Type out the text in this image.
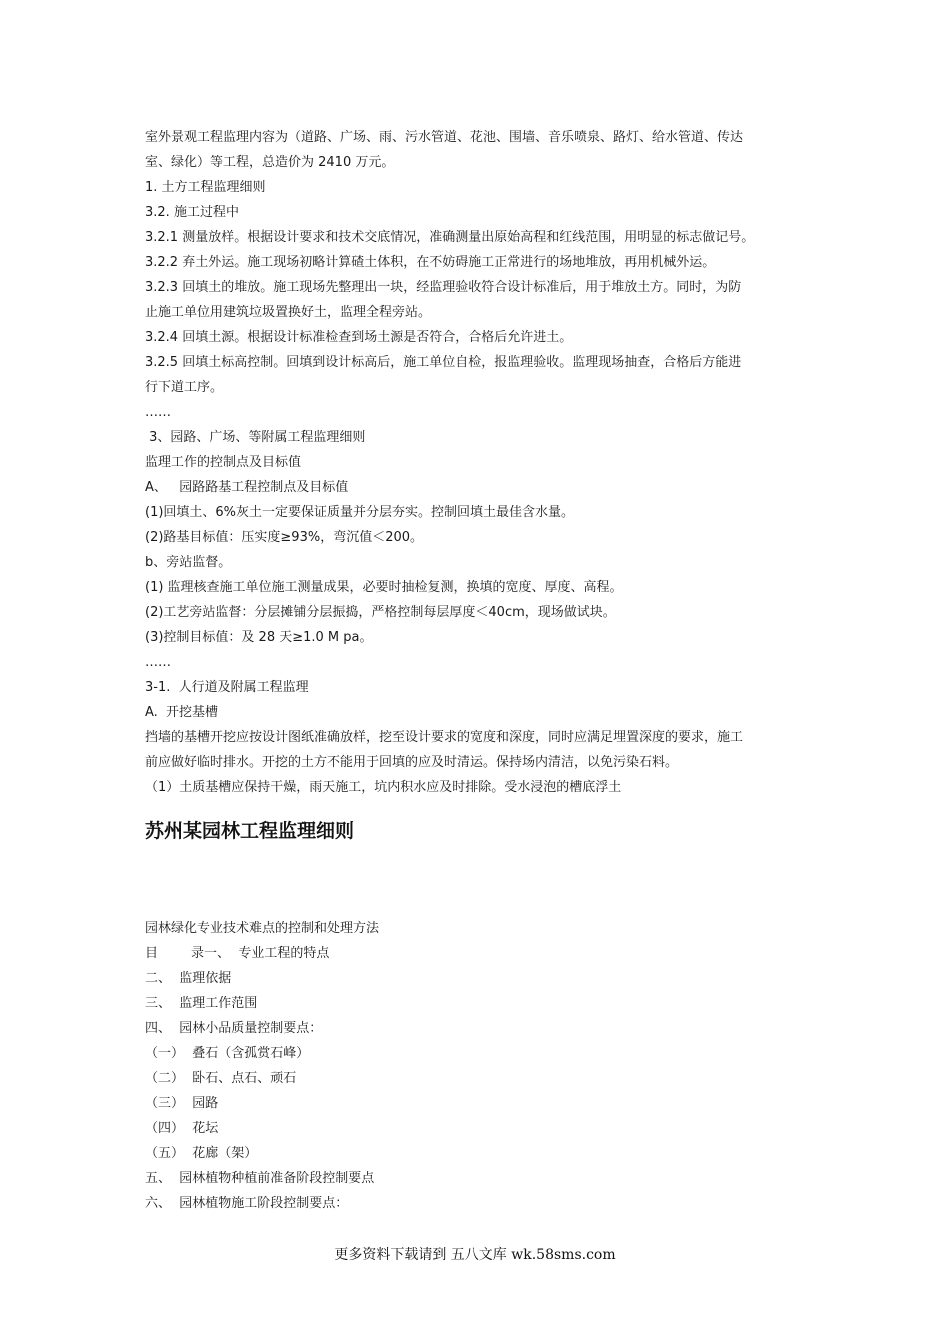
室外景观工程监理内容为（道路、广场、雨、污水管道、花池、围墙、音乐喷泉、路灯、给水管道、传达

室、绿化）等工程，总造价为 2410 万元。

1. 土方工程监理细则

3.2. 施工过程中

3.2.1 测量放样。根据设计要求和技术交底情况，准确测量出原始高程和红线范围，用明显的标志做记号。

3.2.2 弃土外运。施工现场初略计算碴土体积，在不妨碍施工正常进行的场地堆放，再用机械外运。

3.2.3 回填土的堆放。施工现场先整理出一块，经监理验收符合设计标准后，用于堆放土方。同时，为防

止施工单位用建筑垃圾置换好土，监理全程旁站。

3.2.4 回填土源。根据设计标准检查到场土源是否符合，合格后允许进土。

3.2.5 回填土标高控制。回填到设计标高后，施工单位自检，报监理验收。监理现场抽查，合格后方能进

行下道工序。

……

3、园路、广场、等附属工程监理细则

监理工作的控制点及目标值

A、   园路路基工程控制点及目标值

(1)回填土、6%灰土一定要保证质量并分层夯实。控制回填土最佳含水量。

(2)路基目标值：压实度≥93%，弯沉值＜200。

b、旁站监督。

(1) 监理核查施工单位施工测量成果，必要时抽检复测，换填的宽度、厚度、高程。

(2)工艺旁站监督：分层摊铺分层振捣，严格控制每层厚度＜40cm，现场做试块。

(3)控制目标值：及 28 天≥1.0 M pa。

……

3-1.  人行道及附属工程监理

A.  开挖基槽

挡墙的基槽开挖应按设计图纸准确放样，挖至设计要求的宽度和深度，同时应满足埋置深度的要求，施工

前应做好临时排水。开挖的土方不能用于回填的应及时清运。保持场内清洁，以免污染石料。

（1）土质基槽应保持干燥，雨天施工，坑内积水应及时排除。受水浸泡的槽底浮土

苏州某园林工程监理细则

园林绿化专业技术难点的控制和处理方法

目        录一、  专业工程的特点

二、  监理依据

三、  监理工作范围

四、  园林小品质量控制要点：

（一）  叠石（含孤赏石峰）

（二）  卧石、点石、顽石

（三）  园路

（四）  花坛

（五）  花廊（架）

五、  园林植物种植前准备阶段控制要点

六、  园林植物施工阶段控制要点：

更多资料下载请到 五八文库 wk.58sms.com
